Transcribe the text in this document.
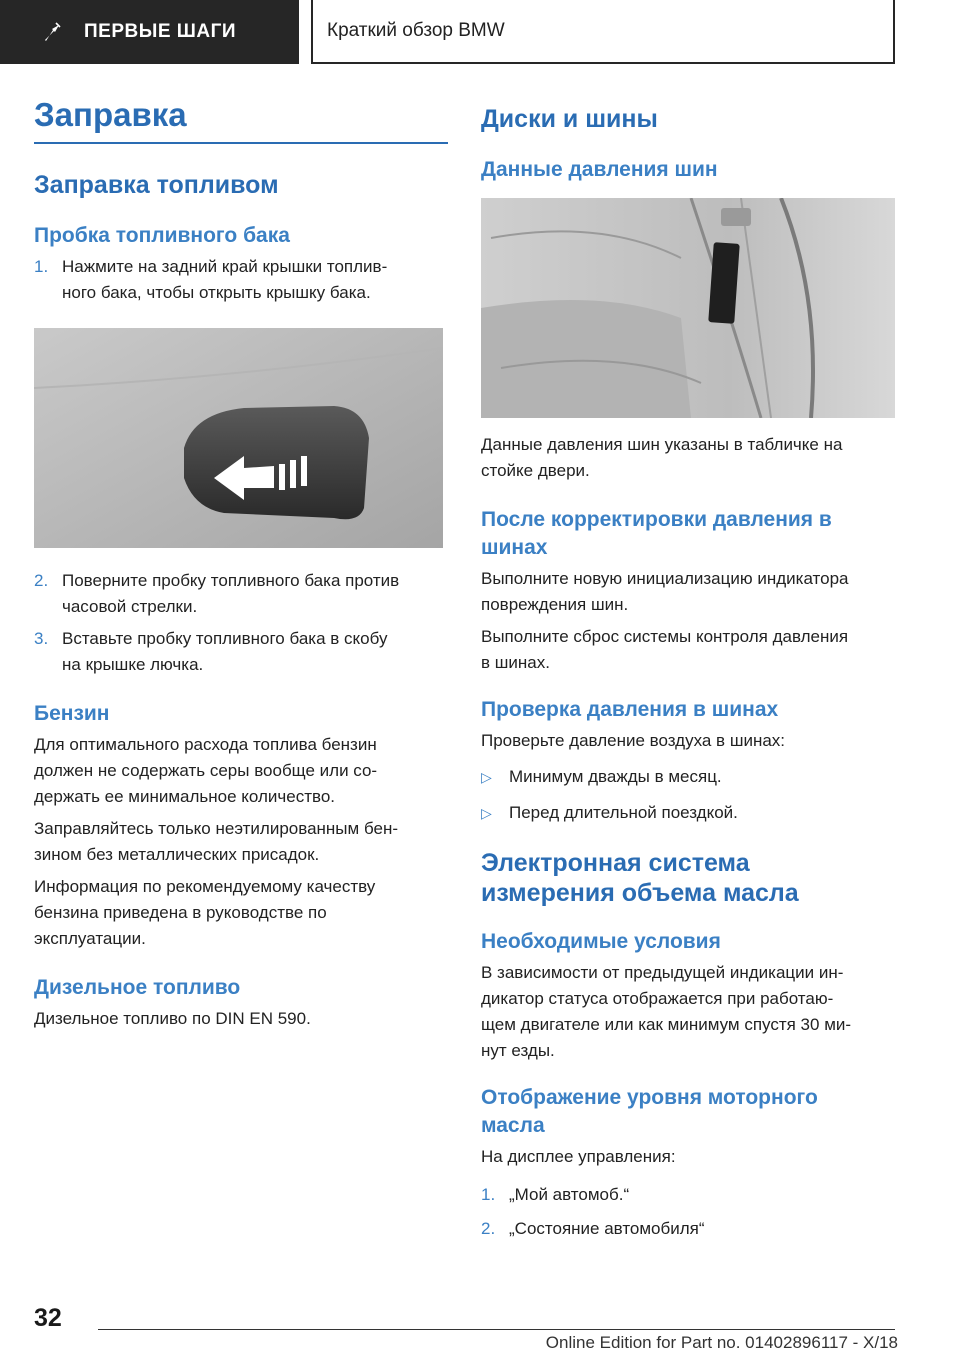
ПЕРВЫЕ ШАГИ	Краткий обзор BMW
Заправка
Заправка топливом
Пробка топливного бака
1. Нажмите на задний край крышки топлив-
ного бака, чтобы открыть крышку бака.
2. Поверните пробку топливного бака против
часовой стрелки.
3. Вставьте пробку топливного бака в скобу
на крышке лючка.
Бензин

Для оптимального расхода топлива бензин
должен не содержать серы вообще или со-
держать ее минимальное количество.

Заправляйтесь только неэтилированным бен-
зином без металлических присадок.

Информация по рекомендуемому качеству
бензина приведена в руководстве по
эксплуатации.

Дизельное топливо

Дизельное топливо по DIN EN 590.

Диски и шины
Данные давления шин

Данные давления шин указаны в табличке на
стойке двери.

После корректировки давления в
шинах

Выполните новую инициализацию индикатора
повреждения шин.

Выполните сброс системы контроля давления
в шинах.

Проверка давления в шинах

Проверьте давление воздуха в шинах:

▷	Минимум дважды в месяц.
▷	Перед длительной поездкой.
Электронная система
измерения объема масла
Необходимые условия

В зависимости от предыдущей индикации ин-
дикатор статуса отображается при работаю-
щем двигателе или как минимум спустя 30 ми-
нут езды.

Отображение уровня моторного
масла

На дисплее управления:

1. „Мой автомоб.“
2. „Состояние автомобиля“
32
Online Edition for Part no. 01402896117 - X/18
